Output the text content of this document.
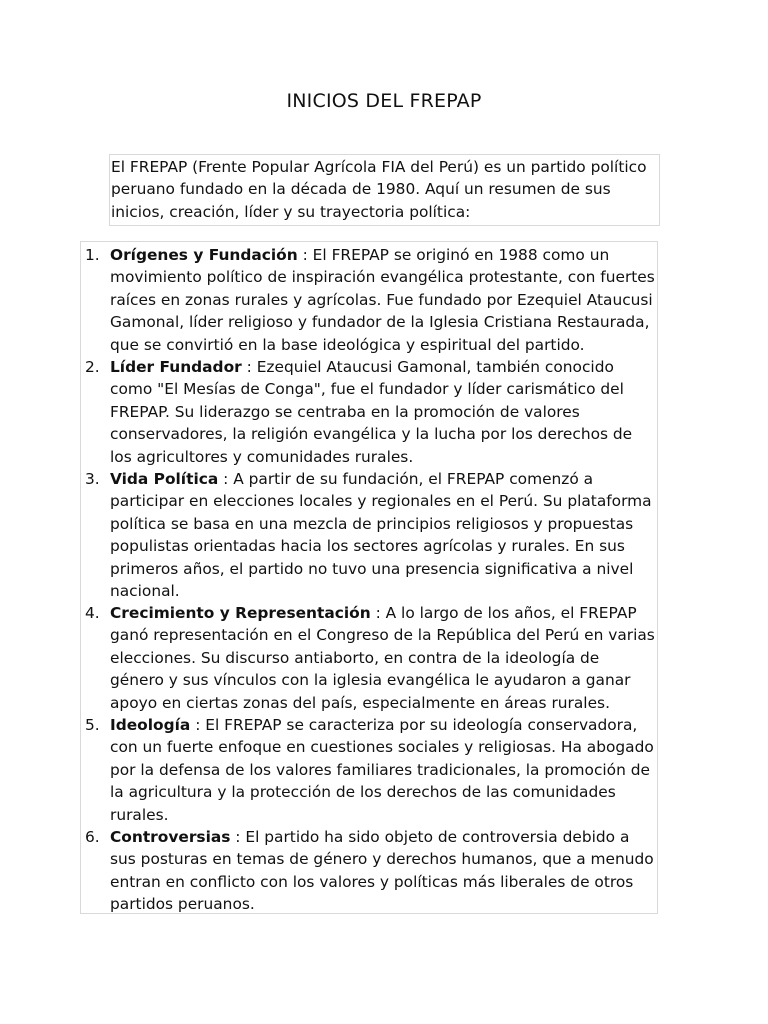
INICIOS DEL FREPAP
El FREPAP (Frente Popular Agrícola FIA del Perú) es un partido político peruano fundado en la década de 1980. Aquí un resumen de sus inicios, creación, líder y su trayectoria política:
1. Orígenes y Fundación : El FREPAP se originó en 1988 como un movimiento político de inspiración evangélica protestante, con fuertes raíces en zonas rurales y agrícolas. Fue fundado por Ezequiel Ataucusi Gamonal, líder religioso y fundador de la Iglesia Cristiana Restaurada, que se convirtió en la base ideológica y espiritual del partido.
2. Líder Fundador : Ezequiel Ataucusi Gamonal, también conocido como "El Mesías de Conga", fue el fundador y líder carismático del FREPAP. Su liderazgo se centraba en la promoción de valores conservadores, la religión evangélica y la lucha por los derechos de los agricultores y comunidades rurales.
3. Vida Política : A partir de su fundación, el FREPAP comenzó a participar en elecciones locales y regionales en el Perú. Su plataforma política se basa en una mezcla de principios religiosos y propuestas populistas orientadas hacia los sectores agrícolas y rurales. En sus primeros años, el partido no tuvo una presencia significativa a nivel nacional.
4. Crecimiento y Representación : A lo largo de los años, el FREPAP ganó representación en el Congreso de la República del Perú en varias elecciones. Su discurso antiaborto, en contra de la ideología de género y sus vínculos con la iglesia evangélica le ayudaron a ganar apoyo en ciertas zonas del país, especialmente en áreas rurales.
5. Ideología : El FREPAP se caracteriza por su ideología conservadora, con un fuerte enfoque en cuestiones sociales y religiosas. Ha abogado por la defensa de los valores familiares tradicionales, la promoción de la agricultura y la protección de los derechos de las comunidades rurales.
6. Controversias : El partido ha sido objeto de controversia debido a sus posturas en temas de género y derechos humanos, que a menudo entran en conflicto con los valores y políticas más liberales de otros partidos peruanos.
